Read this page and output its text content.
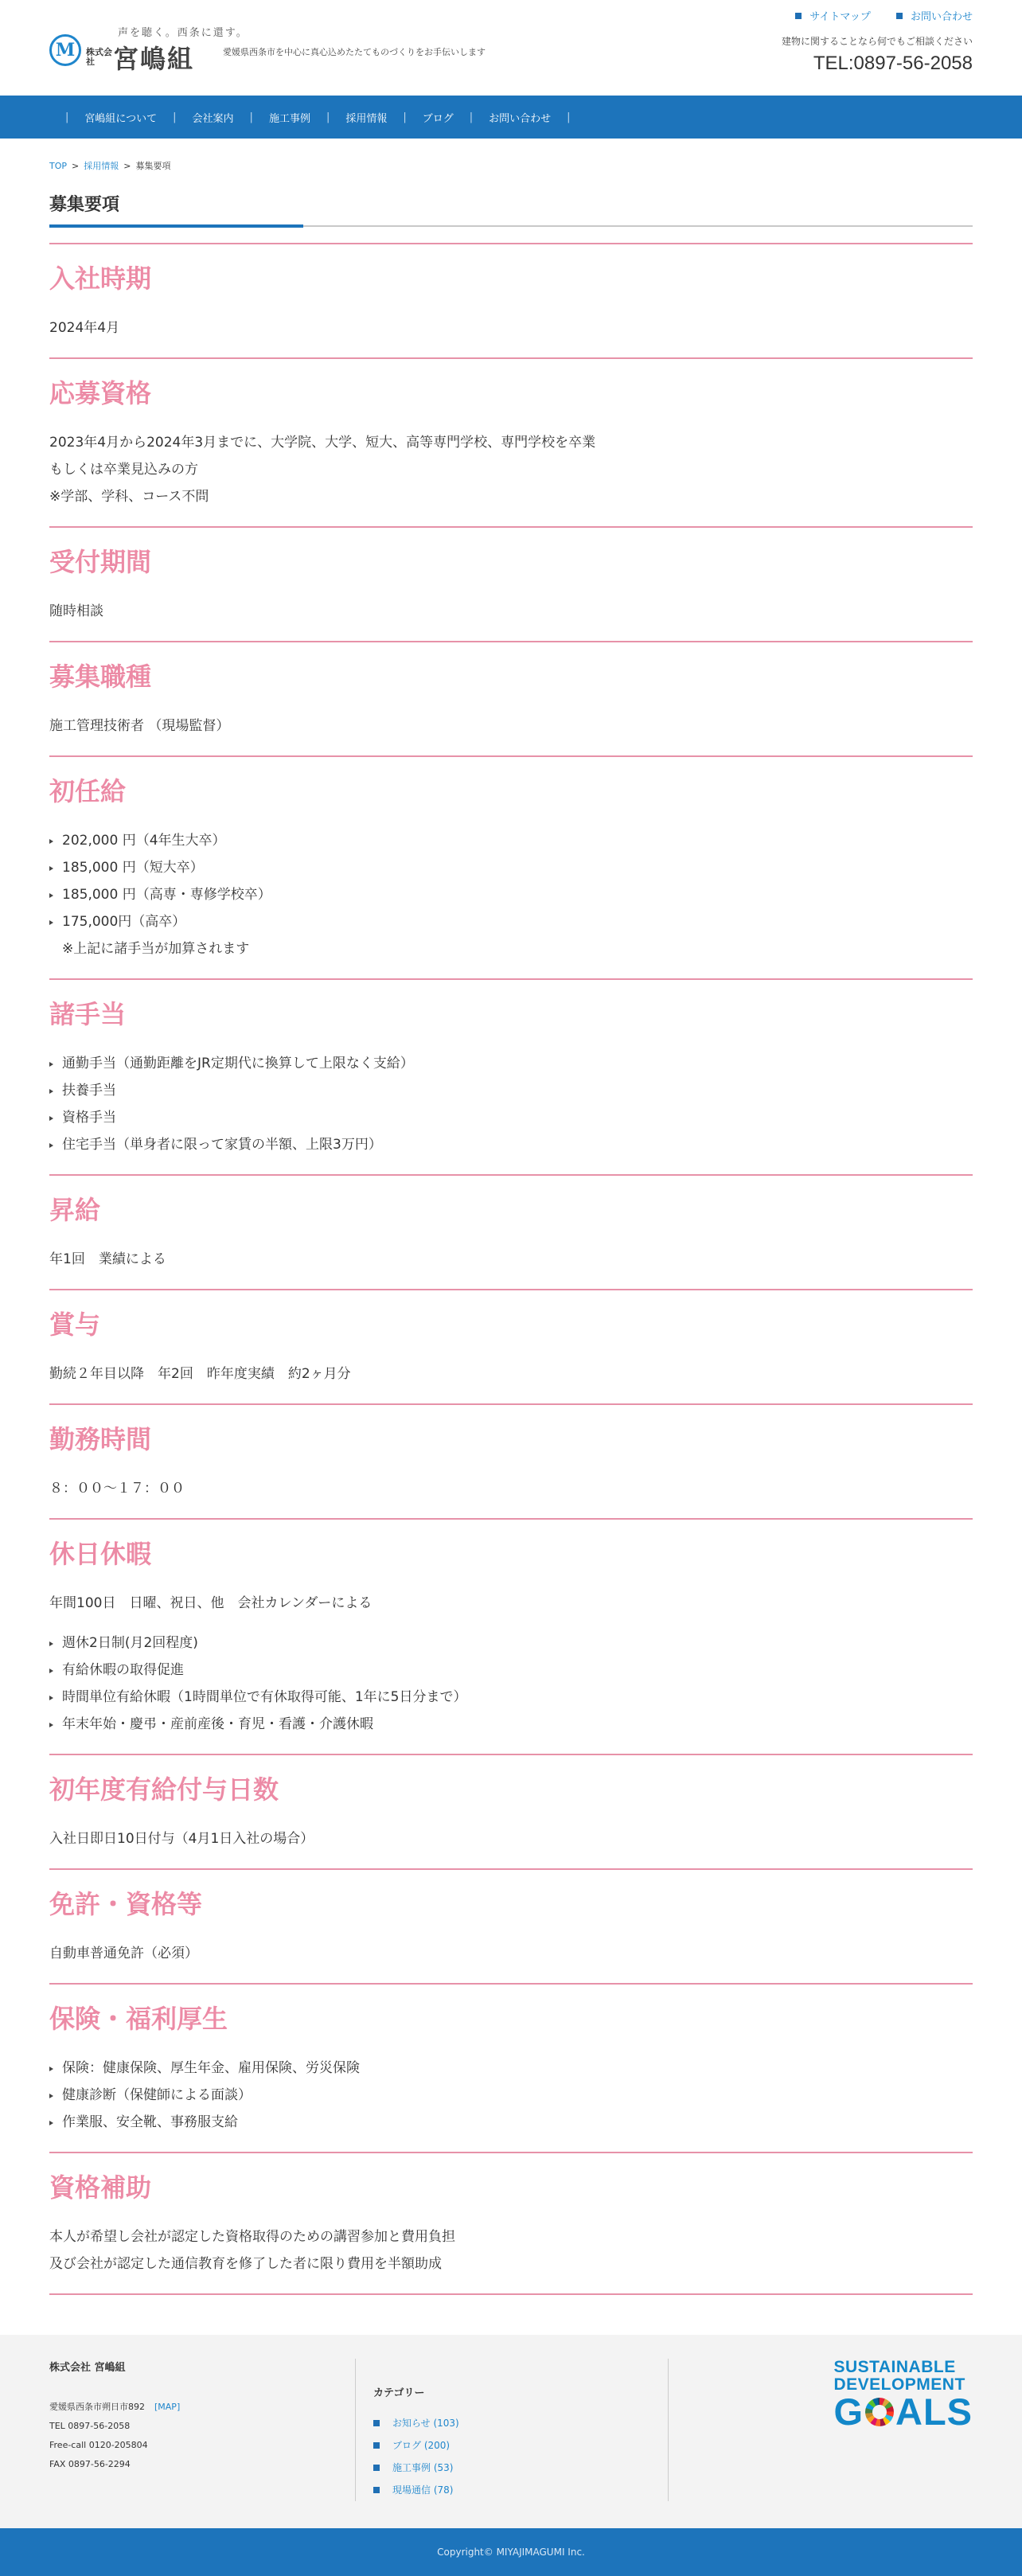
M
声を聴く。西条に還す。
株式会社 宮嶋組	愛媛県西条市を中心に真心込めたたてものづくりをお手伝いします
サイトマップ
	お問い合わせ
建物に関することなら何でもご相談ください
TEL:0897-56-2058
| 宮嶋組について | 会社案内 | 施工事例 | 採用情報 | ブログ | お問い合わせ |
TOP > 採用情報 > 募集要項
募集要項
入社時期

2024年4月

応募資格

2023年4月から2024年3月までに、大学院、大学、短大、高等専門学校、専門学校を卒業

もしくは卒業見込みの方

※学部、学科、コース不問

受付期間

随時相談

募集職種

施工管理技術者 （現場監督）

初任給
202,000 円（4年生大卒）
185,000 円（短大卒）
185,000 円（高専・専修学校卒）
175,000円（高卒）

※上記に諸手当が加算されます

諸手当
通勤手当（通勤距離をJR定期代に換算して上限なく支給）
扶養手当
資格手当
住宅手当（単身者に限って家賃の半額、上限3万円）
昇給

年1回　業績による

賞与

勤続２年目以降　年2回　昨年度実績　約2ヶ月分

勤務時間

８：００〜１７：００

休日休暇

年間100日　日曜、祝日、他　会社カレンダーによる

週休2日制(月2回程度)
有給休暇の取得促進
時間単位有給休暇（1時間単位で有休取得可能、1年に5日分まで）
年末年始・慶弔・産前産後・育児・看護・介護休暇
初年度有給付与日数

入社日即日10日付与（4月1日入社の場合）

免許・資格等

自動車普通免許（必須）

保険・福利厚生
保険：健康保険、厚生年金、雇用保険、労災保険
健康診断（保健師による面談）
作業服、安全靴、事務服支給
資格補助

本人が希望し会社が認定した資格取得のための講習参加と費用負担

及び会社が認定した通信教育を修了した者に限り費用を半額助成

株式会社 宮嶋組
愛媛県西条市朔日市892 [MAP]
TEL 0897-56-2058
Free-call 0120-205804
FAX 0897-56-2294
カテゴリー
お知らせ (103)
ブログ (200)
施工事例 (53)
現場通信 (78)
SUSTAINABLE
DEVELOPMENT
G ALS
Copyright© MIYAJIMAGUMI Inc.
